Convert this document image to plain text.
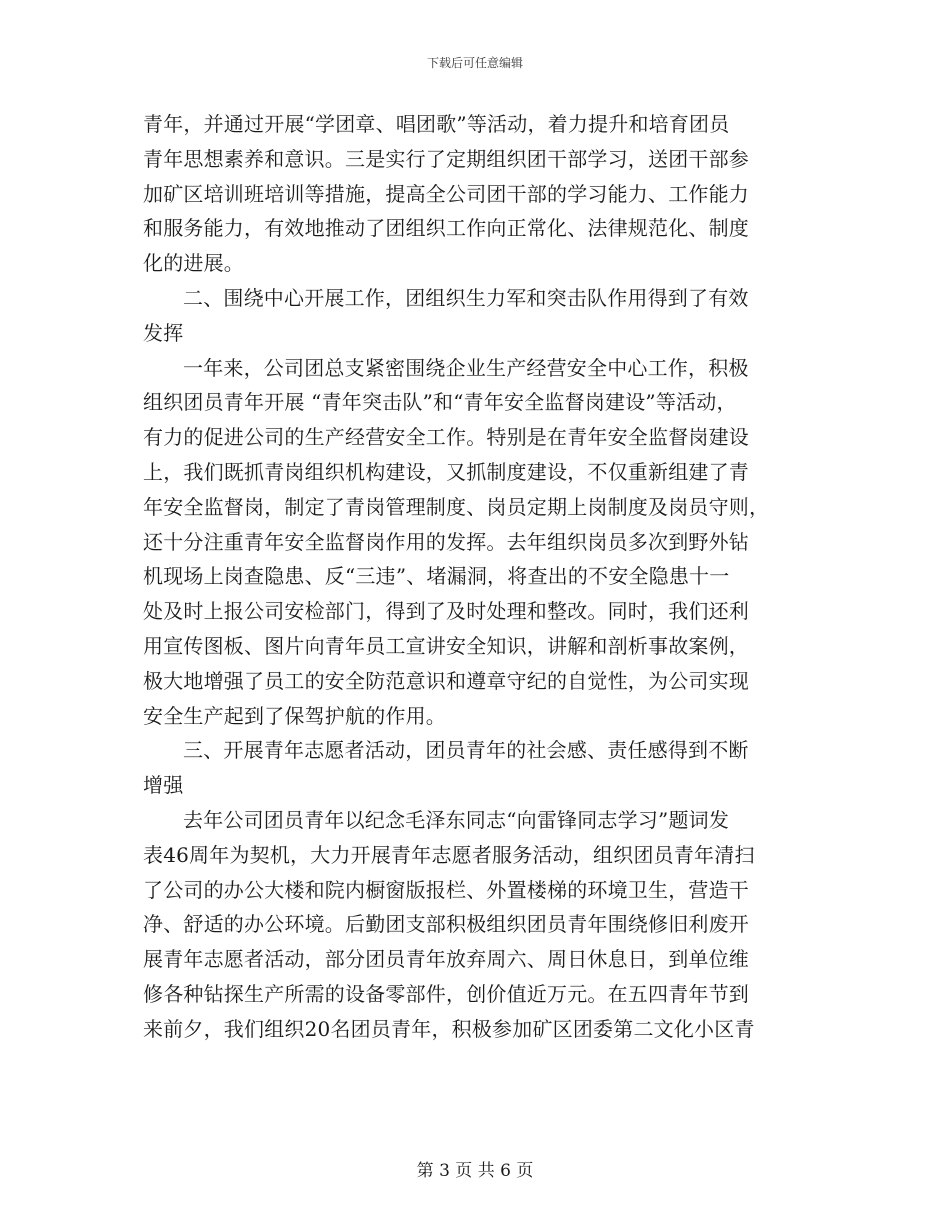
下载后可任意编辑
青年，并通过开展“学团章、唱团歌”等活动，着力提升和培育团员
青年思想素养和意识。三是实行了定期组织团干部学习，送团干部参
加矿区培训班培训等措施，提高全公司团干部的学习能力、工作能力
和服务能力，有效地推动了团组织工作向正常化、法律规范化、制度
化的进展。
二、围绕中心开展工作，团组织生力军和突击队作用得到了有效
发挥
一年来，公司团总支紧密围绕企业生产经营安全中心工作，积极
组织团员青年开展 “青年突击队”和“青年安全监督岗建设”等活动，
有力的促进公司的生产经营安全工作。特别是在青年安全监督岗建设
上，我们既抓青岗组织机构建设，又抓制度建设，不仅重新组建了青
年安全监督岗，制定了青岗管理制度、岗员定期上岗制度及岗员守则，
还十分注重青年安全监督岗作用的发挥。去年组织岗员多次到野外钻
机现场上岗查隐患、反“三违”、堵漏洞，将查出的不安全隐患十一
处及时上报公司安检部门，得到了及时处理和整改。同时，我们还利
用宣传图板、图片向青年员工宣讲安全知识，讲解和剖析事故案例，
极大地增强了员工的安全防范意识和遵章守纪的自觉性，为公司实现
安全生产起到了保驾护航的作用。
三、开展青年志愿者活动，团员青年的社会感、责任感得到不断
增强
去年公司团员青年以纪念毛泽东同志“向雷锋同志学习”题词发
表46周年为契机，大力开展青年志愿者服务活动，组织团员青年清扫
了公司的办公大楼和院内橱窗版报栏、外置楼梯的环境卫生，营造干
净、舒适的办公环境。后勤团支部积极组织团员青年围绕修旧利废开
展青年志愿者活动，部分团员青年放弃周六、周日休息日，到单位维
修各种钻探生产所需的设备零部件，创价值近万元。在五四青年节到
来前夕，我们组织20名团员青年，积极参加矿区团委第二文化小区青
第 3 页 共 6 页
